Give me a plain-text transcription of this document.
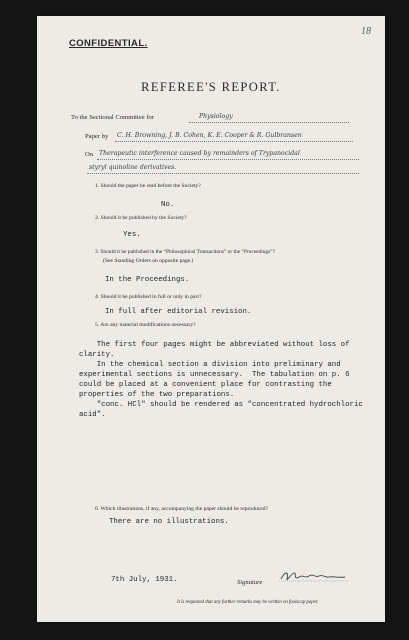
18
CONFIDENTIAL.
REFEREE'S REPORT.
To the Sectional Committee for	Physiology
Paper by C. H. Browning, J. B. Cohen, K. E. Cooper & R. Gulbransen
On Therapeutic interference caused by remainders of Trypanocidal
styryl quinoline derivatives.
1. Should the paper be read before the Society?
No.
2. Should it be published by the Society?
Yes.
3. Should it be published in the “Philosophical Transactions” or the “Proceedings”?
(See Standing Orders on opposite page.)
In the Proceedings.
4. Should it be published in full or only in part?
In full after editorial revision.
5. Are any material modifications necessary?
The first four pages might be abbreviated without loss of
clarity.
In the chemical section a division into preliminary and
experimental sections is unnecessary.  The tabulation on p. 6
could be placed at a convenient place for contrasting the
properties of the two preparations.
"conc. HCl" should be rendered as "concentrated hydrochloric
acid".
6. Which illustrations, if any, accompanying the paper should be reproduced?
There are no illustrations.
7th July, 1931.	Signature
It is requested that any further remarks may be written on foolscap paper.
